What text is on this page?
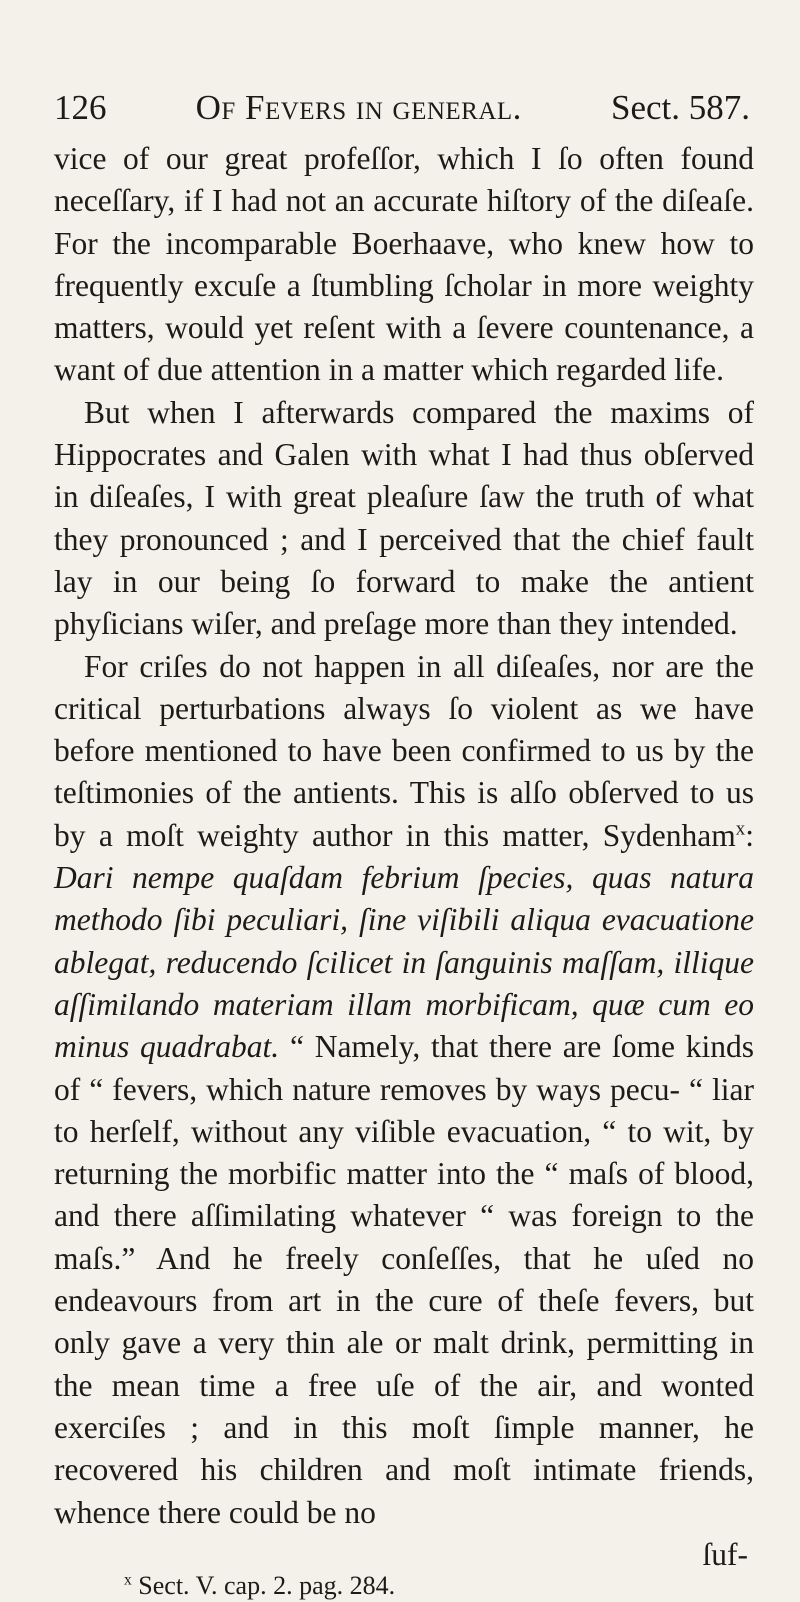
126	Of Fevers in general.	Sect. 587.

vice of our great profeſſor, which I ſo often found neceſſary, if I had not an accurate hiſtory of the diſeaſe. For the incomparable Boerhaave, who knew how to frequently excuſe a ſtumbling ſcholar in more weighty matters, would yet reſent with a ſevere countenance, a want of due attention in a matter which regarded life.

But when I afterwards compared the maxims of Hippocrates and Galen with what I had thus obſerved in diſeaſes, I with great pleaſure ſaw the truth of what they pronounced ; and I perceived that the chief fault lay in our being ſo forward to make the antient phyſicians wiſer, and preſage more than they intended.

For criſes do not happen in all diſeaſes, nor are the critical perturbations always ſo violent as we have before mentioned to have been confirmed to us by the teſtimonies of the antients. This is alſo obſerved to us by a moſt weighty author in this matter, Sydenham$^x$: Dari nempe quaſdam febrium ſpecies, quas natura methodo ſibi peculiari, ſine viſibili aliqua evacuatione ablegat, reducendo ſcilicet in ſanguinis maſſam, illique aſſimilando materiam illam morbificam, quæ cum eo minus quadrabat. “ Namely, that there are ſome kinds of “ fevers, which nature removes by ways pecu- “ liar to herſelf, without any viſible evacuation, “ to wit, by returning the morbific matter into the “ maſs of blood, and there aſſimilating whatever “ was foreign to the maſs.” And he freely conſeſſes, that he uſed no endeavours from art in the cure of theſe fevers, but only gave a very thin ale or malt drink, permitting in the mean time a free uſe of the air, and wonted exerciſes ; and in this moſt ſimple manner, he recovered his children and moſt intimate friends, whence there could be no

ſuf-
$^x$ Sect. V. cap. 2. pag. 284.
